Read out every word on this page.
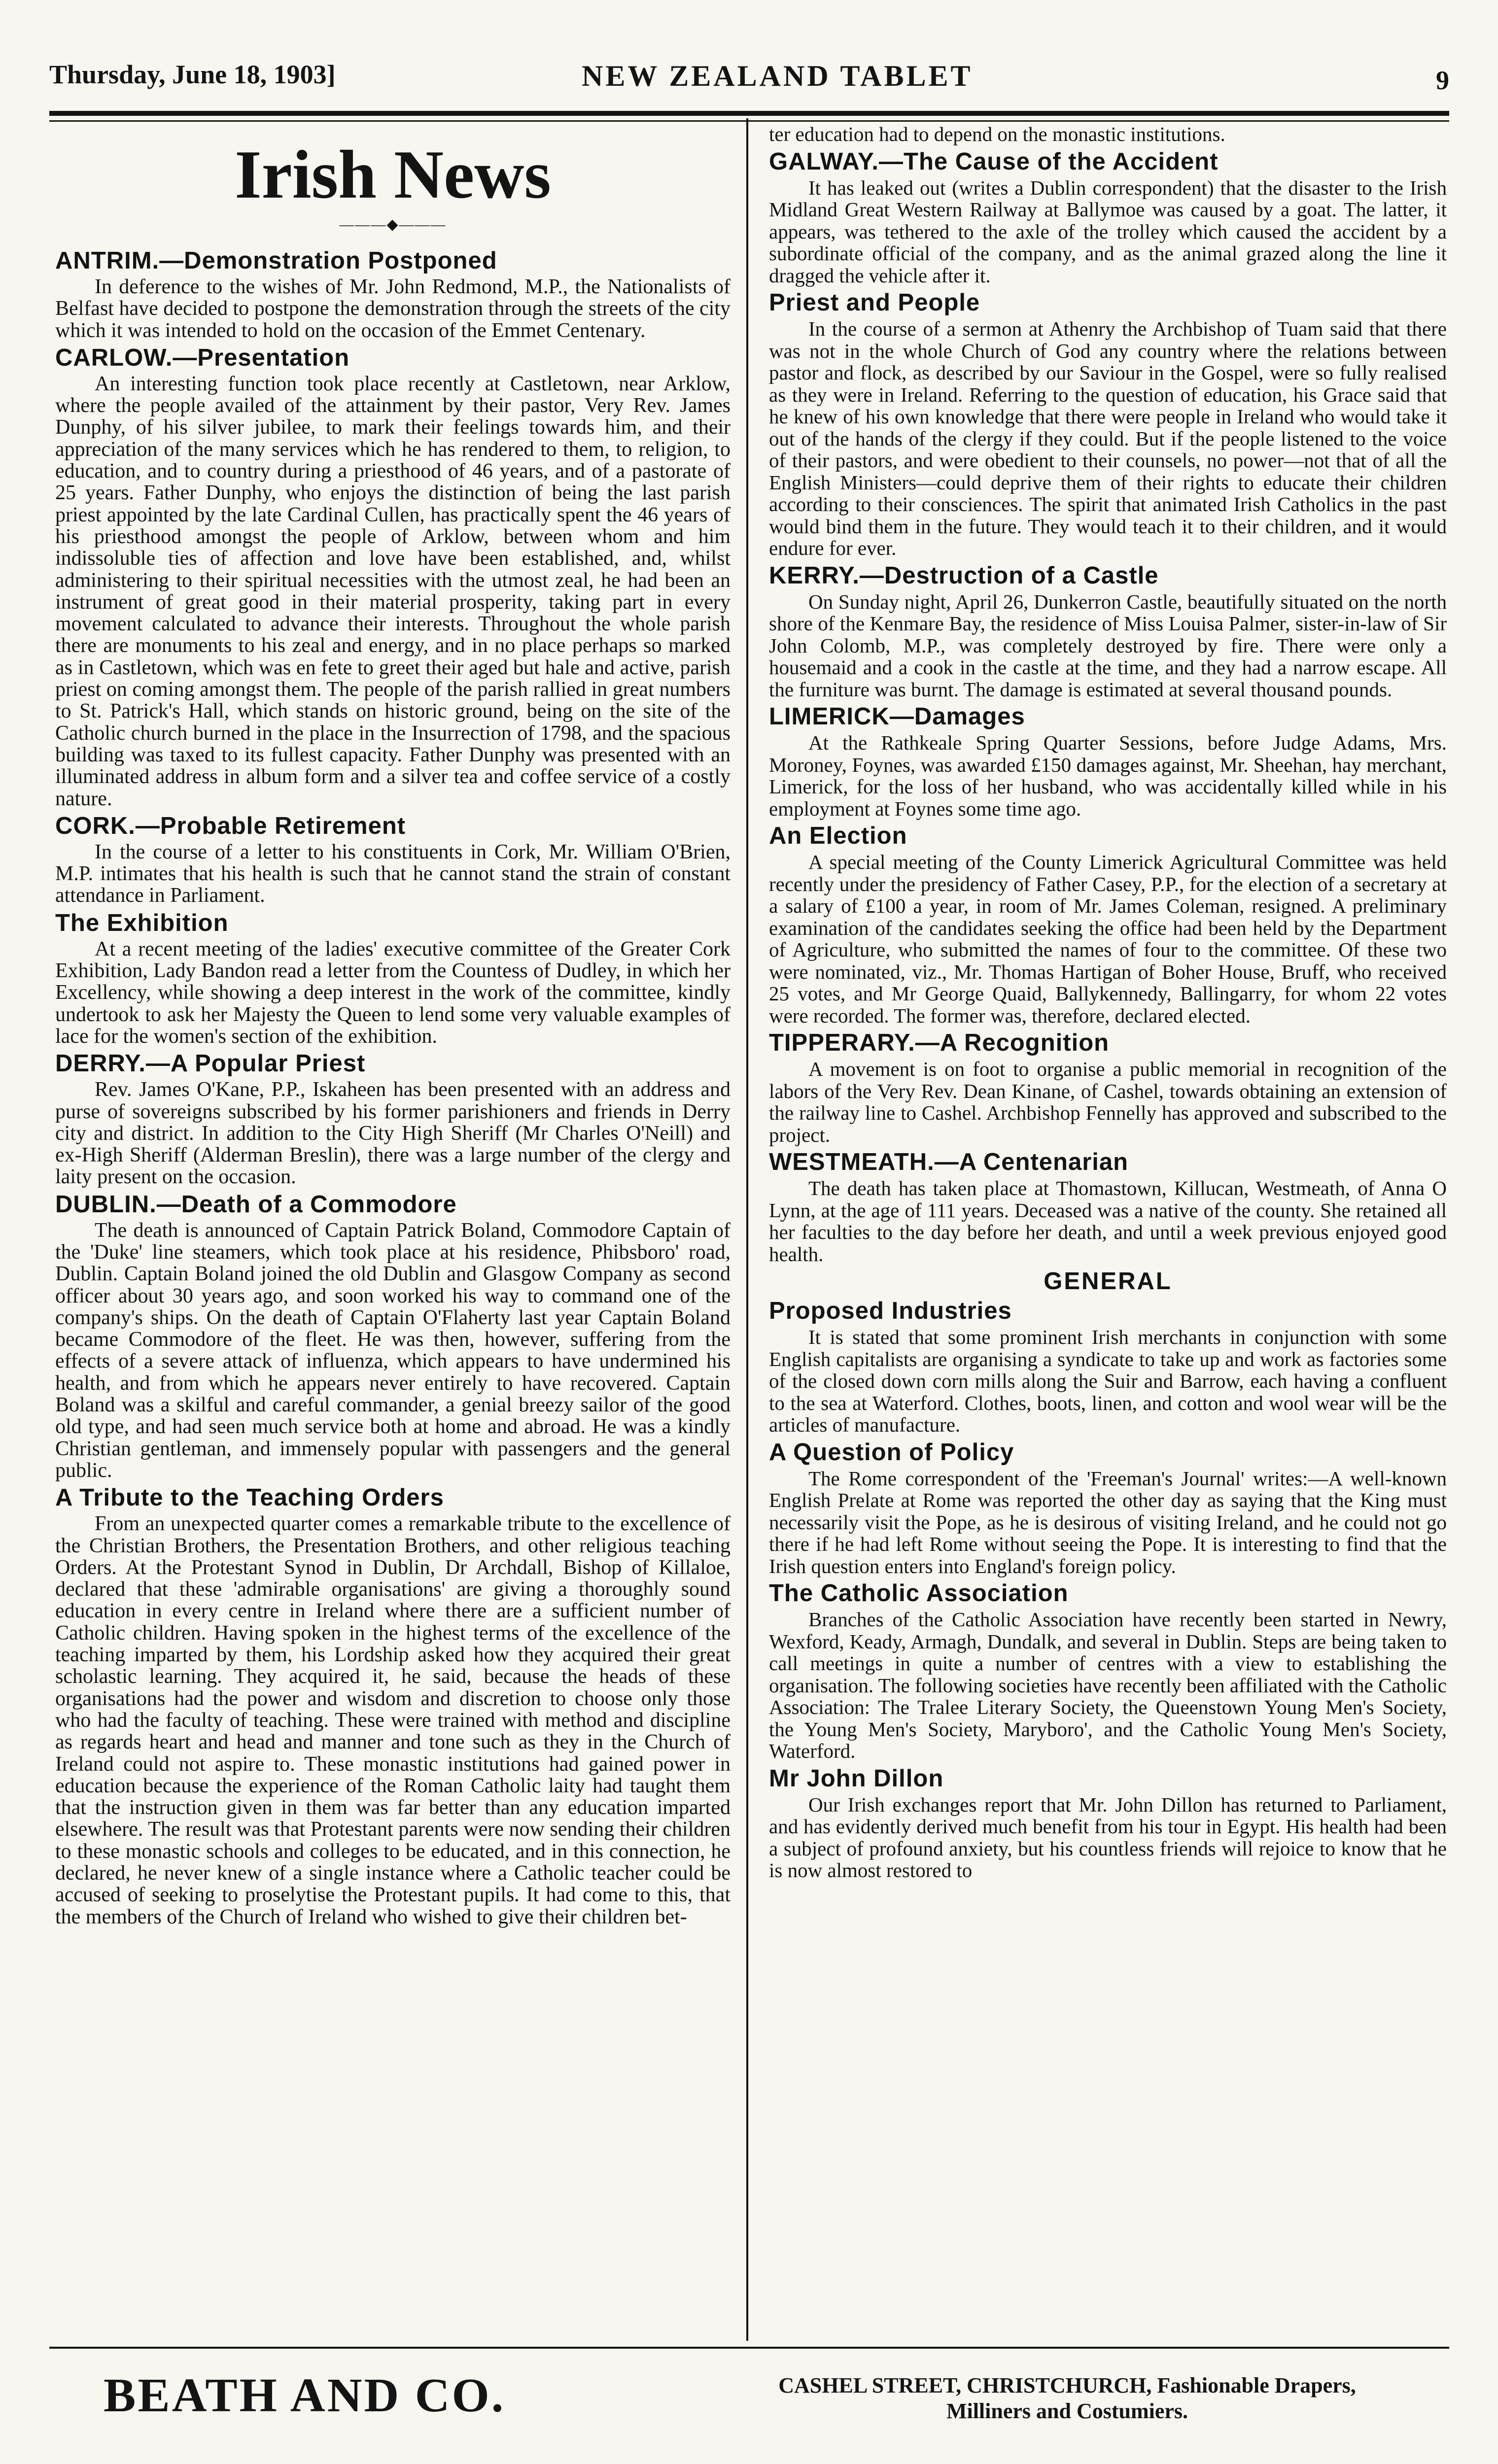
Thursday, June 18, 1903]	NEW ZEALAND TABLET	9
Irish News
———◆———
ANTRIM.—Demonstration Postponed

In deference to the wishes of Mr. John Redmond, M.P., the Nationalists of Belfast have decided to postpone the demonstration through the streets of the city which it was intended to hold on the occasion of the Emmet Centenary.

CARLOW.—Presentation

An interesting function took place recently at Castletown, near Arklow, where the people availed of the attainment by their pastor, Very Rev. James Dunphy, of his silver jubilee, to mark their feelings towards him, and their appreciation of the many services which he has rendered to them, to religion, to education, and to country during a priesthood of 46 years, and of a pastorate of 25 years. Father Dunphy, who enjoys the distinction of being the last parish priest appointed by the late Cardinal Cullen, has practically spent the 46 years of his priesthood amongst the people of Arklow, between whom and him indissoluble ties of affection and love have been established, and, whilst administering to their spiritual necessities with the utmost zeal, he had been an instrument of great good in their material prosperity, taking part in every movement calculated to advance their interests. Throughout the whole parish there are monuments to his zeal and energy, and in no place perhaps so marked as in Castletown, which was en fete to greet their aged but hale and active, parish priest on coming amongst them. The people of the parish rallied in great numbers to St. Patrick's Hall, which stands on historic ground, being on the site of the Catholic church burned in the place in the Insurrection of 1798, and the spacious building was taxed to its fullest capacity. Father Dunphy was presented with an illuminated address in album form and a silver tea and coffee service of a costly nature.

CORK.—Probable Retirement

In the course of a letter to his constituents in Cork, Mr. William O'Brien, M.P. intimates that his health is such that he cannot stand the strain of constant attendance in Parliament.

The Exhibition

At a recent meeting of the ladies' executive committee of the Greater Cork Exhibition, Lady Bandon read a letter from the Countess of Dudley, in which her Excellency, while showing a deep interest in the work of the committee, kindly undertook to ask her Majesty the Queen to lend some very valuable examples of lace for the women's section of the exhibition.

DERRY.—A Popular Priest

Rev. James O'Kane, P.P., Iskaheen has been presented with an address and purse of sovereigns subscribed by his former parishioners and friends in Derry city and district. In addition to the City High Sheriff (Mr Charles O'Neill) and ex-High Sheriff (Alderman Breslin), there was a large number of the clergy and laity present on the occasion.

DUBLIN.—Death of a Commodore

The death is announced of Captain Patrick Boland, Commodore Captain of the 'Duke' line steamers, which took place at his residence, Phibsboro' road, Dublin. Captain Boland joined the old Dublin and Glasgow Company as second officer about 30 years ago, and soon worked his way to command one of the company's ships. On the death of Captain O'Flaherty last year Captain Boland became Commodore of the fleet. He was then, however, suffering from the effects of a severe attack of influenza, which appears to have undermined his health, and from which he appears never entirely to have recovered. Captain Boland was a skilful and careful commander, a genial breezy sailor of the good old type, and had seen much service both at home and abroad. He was a kindly Christian gentleman, and immensely popular with passengers and the general public.

A Tribute to the Teaching Orders

From an unexpected quarter comes a remarkable tribute to the excellence of the Christian Brothers, the Presentation Brothers, and other religious teaching Orders. At the Protestant Synod in Dublin, Dr Archdall, Bishop of Killaloe, declared that these 'admirable organisations' are giving a thoroughly sound education in every centre in Ireland where there are a sufficient number of Catholic children. Having spoken in the highest terms of the excellence of the teaching imparted by them, his Lordship asked how they acquired their great scholastic learning. They acquired it, he said, because the heads of these organisations had the power and wisdom and discretion to choose only those who had the faculty of teaching. These were trained with method and discipline as regards heart and head and manner and tone such as they in the Church of Ireland could not aspire to. These monastic institutions had gained power in education because the experience of the Roman Catholic laity had taught them that the instruction given in them was far better than any education imparted elsewhere. The result was that Protestant parents were now sending their children to these monastic schools and colleges to be educated, and in this connection, he declared, he never knew of a single instance where a Catholic teacher could be accused of seeking to proselytise the Protestant pupils. It had come to this, that the members of the Church of Ireland who wished to give their children bet-

ter education had to depend on the monastic institutions.

GALWAY.—The Cause of the Accident

It has leaked out (writes a Dublin correspondent) that the disaster to the Irish Midland Great Western Railway at Ballymoe was caused by a goat. The latter, it appears, was tethered to the axle of the trolley which caused the accident by a subordinate official of the company, and as the animal grazed along the line it dragged the vehicle after it.

Priest and People

In the course of a sermon at Athenry the Archbishop of Tuam said that there was not in the whole Church of God any country where the relations between pastor and flock, as described by our Saviour in the Gospel, were so fully realised as they were in Ireland. Referring to the question of education, his Grace said that he knew of his own knowledge that there were people in Ireland who would take it out of the hands of the clergy if they could. But if the people listened to the voice of their pastors, and were obedient to their counsels, no power—not that of all the English Ministers—could deprive them of their rights to educate their children according to their consciences. The spirit that animated Irish Catholics in the past would bind them in the future. They would teach it to their children, and it would endure for ever.

KERRY.—Destruction of a Castle

On Sunday night, April 26, Dunkerron Castle, beautifully situated on the north shore of the Kenmare Bay, the residence of Miss Louisa Palmer, sister-in-law of Sir John Colomb, M.P., was completely destroyed by fire. There were only a housemaid and a cook in the castle at the time, and they had a narrow escape. All the furniture was burnt. The damage is estimated at several thousand pounds.

LIMERICK—Damages

At the Rathkeale Spring Quarter Sessions, before Judge Adams, Mrs. Moroney, Foynes, was awarded £150 damages against, Mr. Sheehan, hay merchant, Limerick, for the loss of her husband, who was accidentally killed while in his employment at Foynes some time ago.

An Election

A special meeting of the County Limerick Agricultural Committee was held recently under the presidency of Father Casey, P.P., for the election of a secretary at a salary of £100 a year, in room of Mr. James Coleman, resigned. A preliminary examination of the candidates seeking the office had been held by the Department of Agriculture, who submitted the names of four to the committee. Of these two were nominated, viz., Mr. Thomas Hartigan of Boher House, Bruff, who received 25 votes, and Mr George Quaid, Ballykennedy, Ballingarry, for whom 22 votes were recorded. The former was, therefore, declared elected.

TIPPERARY.—A Recognition

A movement is on foot to organise a public memorial in recognition of the labors of the Very Rev. Dean Kinane, of Cashel, towards obtaining an extension of the railway line to Cashel. Archbishop Fennelly has approved and subscribed to the project.

WESTMEATH.—A Centenarian

The death has taken place at Thomastown, Killucan, Westmeath, of Anna O Lynn, at the age of 111 years. Deceased was a native of the county. She retained all her faculties to the day before her death, and until a week previous enjoyed good health.

GENERAL
Proposed Industries

It is stated that some prominent Irish merchants in conjunction with some English capitalists are organising a syndicate to take up and work as factories some of the closed down corn mills along the Suir and Barrow, each having a confluent to the sea at Waterford. Clothes, boots, linen, and cotton and wool wear will be the articles of manufacture.

A Question of Policy

The Rome correspondent of the 'Freeman's Journal' writes:—A well-known English Prelate at Rome was reported the other day as saying that the King must necessarily visit the Pope, as he is desirous of visiting Ireland, and he could not go there if he had left Rome without seeing the Pope. It is interesting to find that the Irish question enters into England's foreign policy.

The Catholic Association

Branches of the Catholic Association have recently been started in Newry, Wexford, Keady, Armagh, Dundalk, and several in Dublin. Steps are being taken to call meetings in quite a number of centres with a view to establishing the organisation. The following societies have recently been affiliated with the Catholic Association: The Tralee Literary Society, the Queenstown Young Men's Society, the Young Men's Society, Maryboro', and the Catholic Young Men's Society, Waterford.

Mr John Dillon

Our Irish exchanges report that Mr. John Dillon has returned to Parliament, and has evidently derived much benefit from his tour in Egypt. His health had been a subject of profound anxiety, but his countless friends will rejoice to know that he is now almost restored to

BEATH AND CO.	CASHEL STREET, CHRISTCHURCH, Fashionable Drapers,
Milliners and Costumiers.
